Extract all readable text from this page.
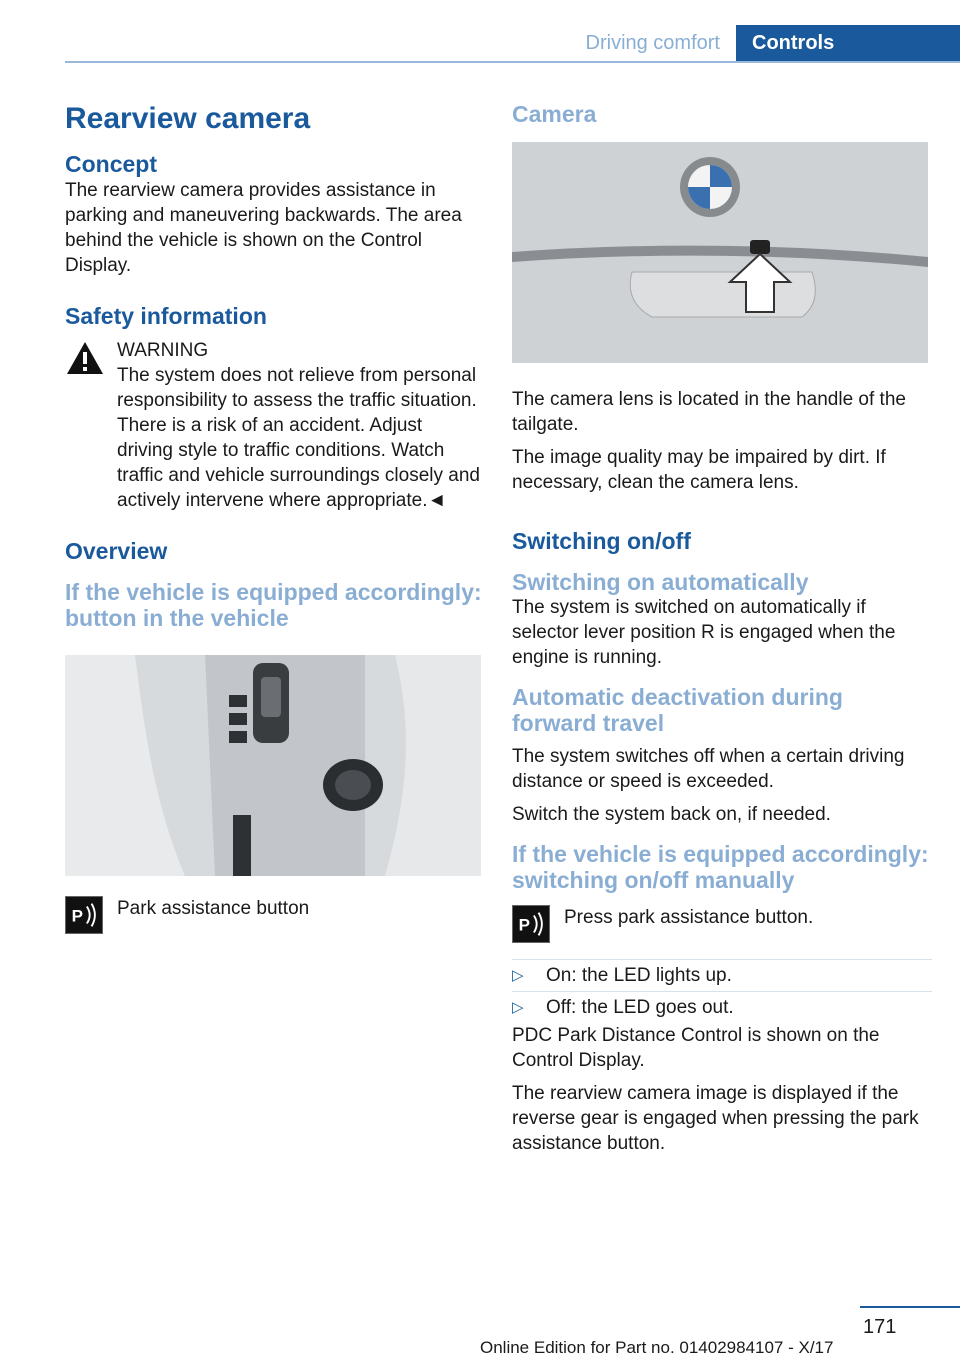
Driving comfort	Controls
Rearview camera
Concept

The rearview camera provides assistance in parking and maneuvering backwards. The area behind the vehicle is shown on the Control Display.

Safety information

WARNING

The system does not relieve from personal responsibility to assess the traffic situation. There is a risk of an accident. Adjust driving style to traffic conditions. Watch traffic and vehicle surroundings closely and actively intervene where appropriate.◄

Overview
If the vehicle is equipped accordingly: button in the vehicle
P Park assistance button

Camera

The camera lens is located in the handle of the tailgate.

The image quality may be impaired by dirt. If necessary, clean the camera lens.

Switching on/off
Switching on automatically

The system is switched on automatically if selector lever position R is engaged when the engine is running.

Automatic deactivation during forward travel

The system switches off when a certain driving distance or speed is exceeded.

Switch the system back on, if needed.

If the vehicle is equipped accordingly: switching on/off manually
P Press park assistance button.

▷	On: the LED lights up.
▷	Off: the LED goes out.

PDC Park Distance Control is shown on the Control Display.

The rearview camera image is displayed if the reverse gear is engaged when pressing the park assistance button.

171
Online Edition for Part no. 01402984107 - X/17
